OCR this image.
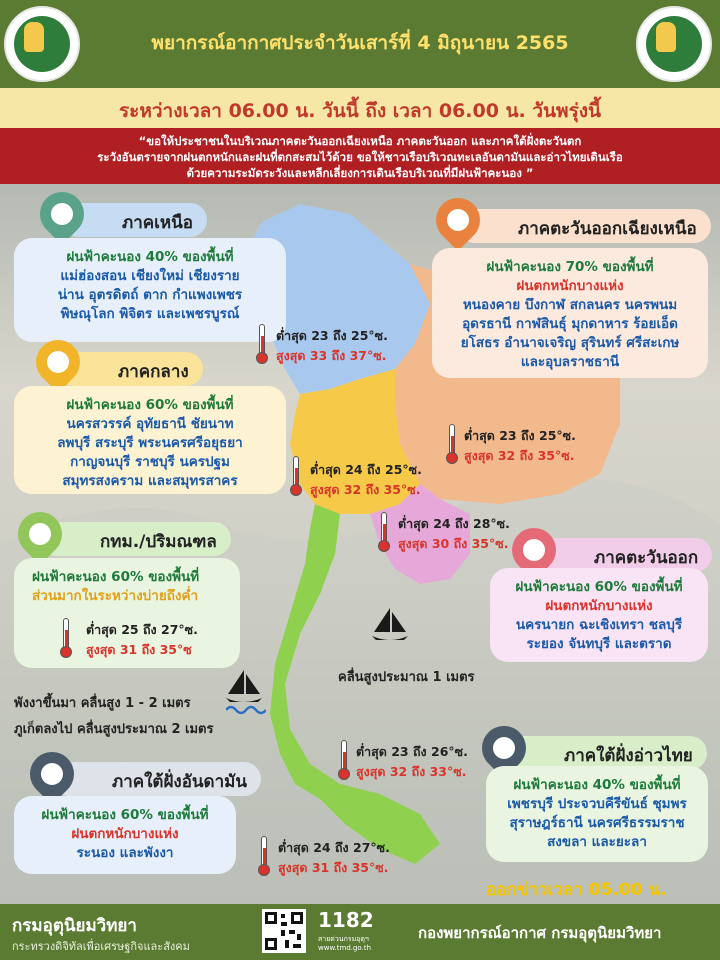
พยากรณ์อากาศประจำวันเสาร์ที่ 4 มิถุนายน 2565
ระหว่างเวลา 06.00 น. วันนี้ ถึง เวลา 06.00 น. วันพรุ่งนี้
“ขอให้ประชาชนในบริเวณภาคตะวันออกเฉียงเหนือ ภาคตะวันออก และภาคใต้ฝั่งตะวันตก
ระวังอันตรายจากฝนตกหนักและฝนที่ตกสะสมไว้ด้วย ขอให้ชาวเรือบริเวณทะเลอันดามันและอ่าวไทยเดินเรือ
ด้วยความระมัดระวังและหลีกเลี่ยงการเดินเรือบริเวณที่มีฝนฟ้าคะนอง ”
ภาคเหนือ
ฝนฟ้าคะนอง 40% ของพื้นที่
แม่ฮ่องสอน เชียงใหม่ เชียงราย
น่าน อุตรดิตถ์ ตาก กำแพงเพชร
พิษณุโลก พิจิตร และเพชรบูรณ์
ต่ำสุด 23 ถึง 25°ซ.
สูงสุด 33 ถึง 37°ซ.
ภาคตะวันออกเฉียงเหนือ
ฝนฟ้าคะนอง 70% ของพื้นที่
ฝนตกหนักบางแห่ง
หนองคาย บึงกาฬ สกลนคร นครพนม
อุดรธานี กาฬสินธุ์ มุกดาหาร ร้อยเอ็ด
ยโสธร อำนาจเจริญ สุรินทร์ ศรีสะเกษ
และอุบลราชธานี
ต่ำสุด 23 ถึง 25°ซ.
สูงสุด 32 ถึง 35°ซ.
ภาคกลาง
ฝนฟ้าคะนอง 60% ของพื้นที่
นครสวรรค์ อุทัยธานี ชัยนาท
ลพบุรี สระบุรี พระนครศรีอยุธยา
กาญจนบุรี ราชบุรี นครปฐม
สมุทรสงคราม และสมุทรสาคร
ต่ำสุด 24 ถึง 25°ซ.
สูงสุด 32 ถึง 35°ซ.
กทม./ปริมณฑล
ฝนฟ้าคะนอง 60% ของพื้นที่
ส่วนมากในระหว่างบ่ายถึงค่ำ
ต่ำสุด 25 ถึง 27°ซ.
สูงสุด 31 ถึง 35°ซ
ต่ำสุด 24 ถึง 28°ซ.
สูงสุด 30 ถึง 35°ซ.
ภาคตะวันออก
ฝนฟ้าคะนอง 60% ของพื้นที่
ฝนตกหนักบางแห่ง
นครนายก ฉะเชิงเทรา ชลบุรี
ระยอง จันทบุรี และตราด
คลื่นสูงประมาณ 1 เมตร
พังงาขึ้นมา คลื่นสูง 1 - 2 เมตร
ภูเก็ตลงไป คลื่นสูงประมาณ 2 เมตร
ต่ำสุด 23 ถึง 26°ซ.
สูงสุด 32 ถึง 33°ซ.
ภาคใต้ฝั่งอ่าวไทย
ฝนฟ้าคะนอง 40% ของพื้นที่
เพชรบุรี ประจวบคีรีขันธ์ ชุมพร
สุราษฎร์ธานี นครศรีธรรมราช
สงขลา และยะลา
ภาคใต้ฝั่งอันดามัน
ฝนฟ้าคะนอง 60% ของพื้นที่
ฝนตกหนักบางแห่ง
ระนอง และพังงา	ต่ำสุด 24 ถึง 27°ซ.
สูงสุด 31 ถึง 35°ซ.
ออกข่าวเวลา 05.00 น.
กรมอุตุนิยมวิทยา
กระทรวงดิจิทัลเพื่อเศรษฐกิจและสังคม
1182
สายด่วนกรมอุตุฯ
www.tmd.go.th
กองพยากรณ์อากาศ กรมอุตุนิยมวิทยา
